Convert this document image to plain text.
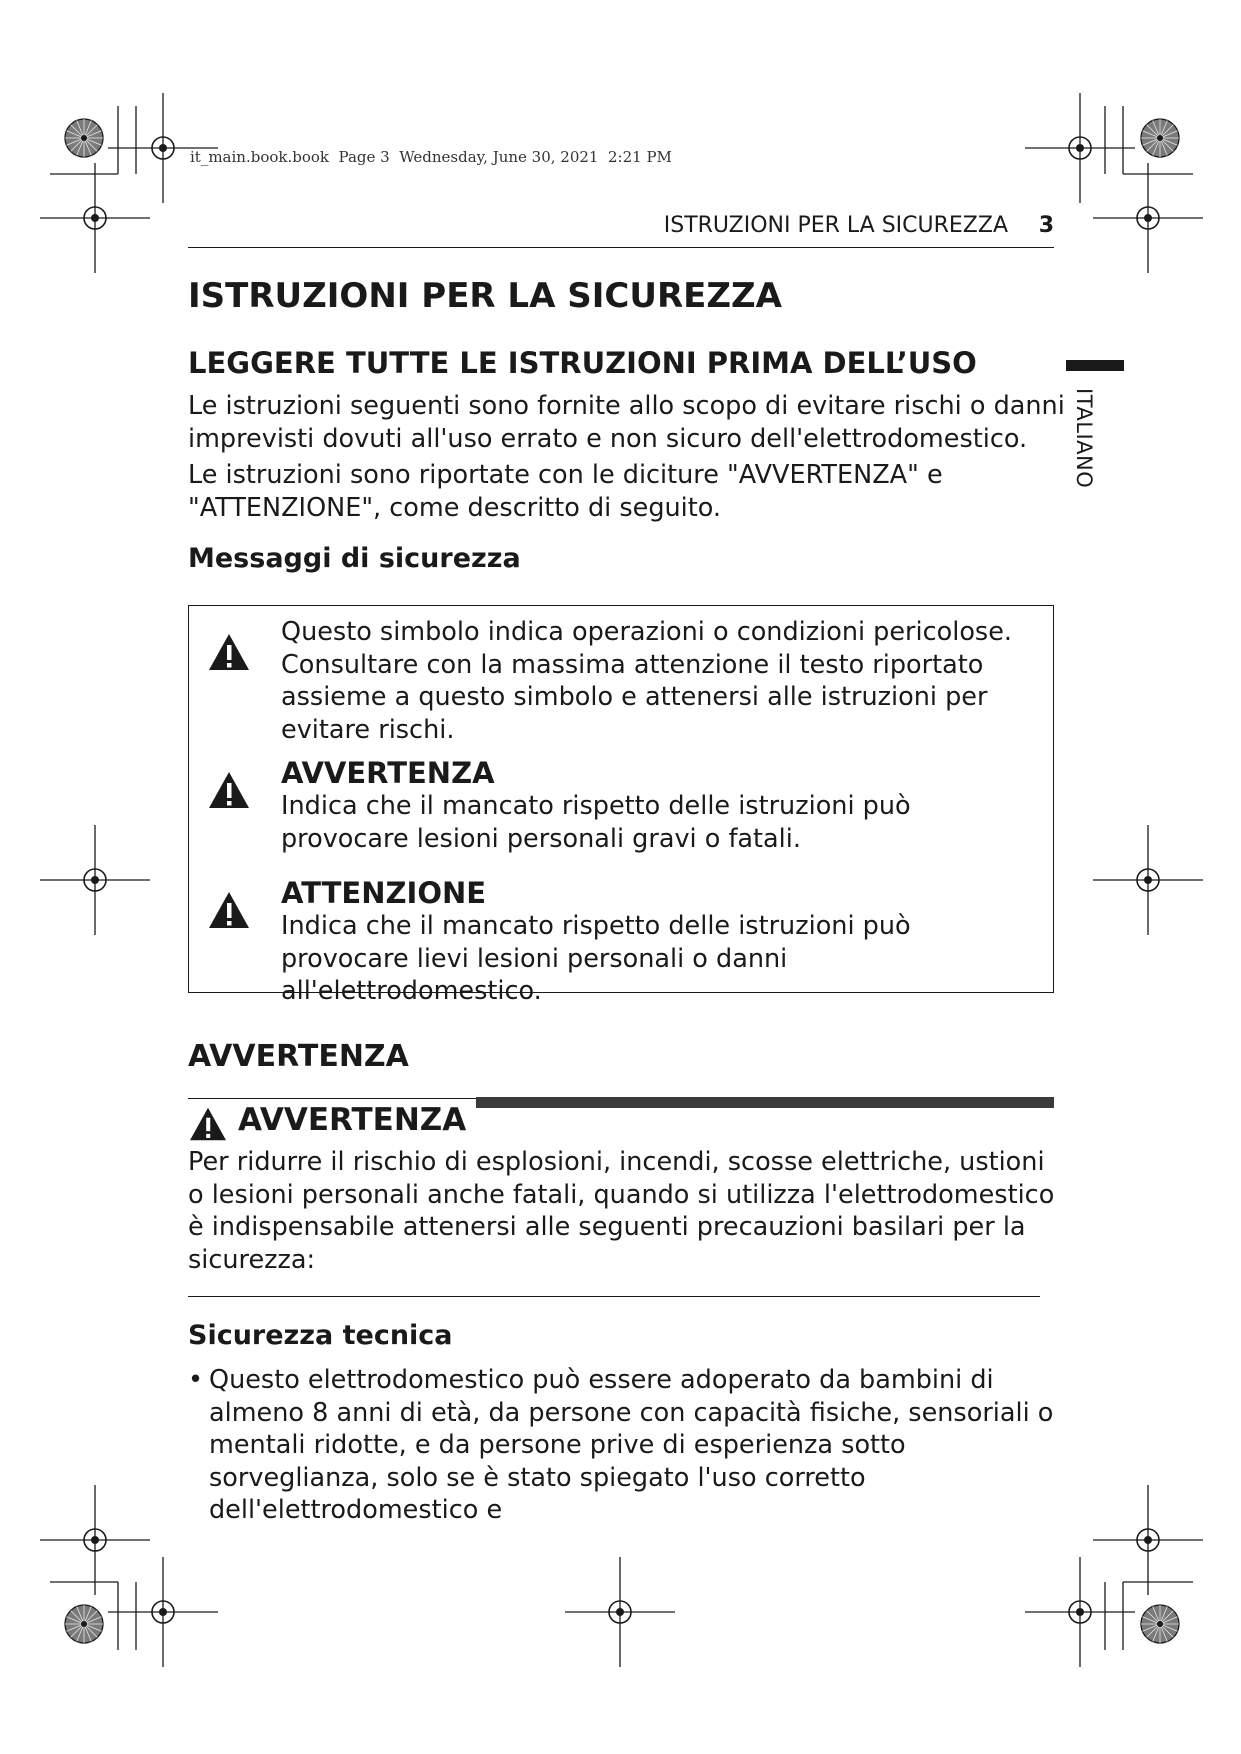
it_main.book.book  Page 3  Wednesday, June 30, 2021  2:21 PM
ISTRUZIONI PER LA SICUREZZA 3
ITALIANO
ISTRUZIONI PER LA SICUREZZA
LEGGERE TUTTE LE ISTRUZIONI PRIMA DELL’USO

Le istruzioni seguenti sono fornite allo scopo di evitare rischi o danni imprevisti dovuti all'uso errato e non sicuro dell'elettrodomestico.

Le istruzioni sono riportate con le diciture "AVVERTENZA" e "ATTENZIONE", come descritto di seguito.

Messaggi di sicurezza

Questo simbolo indica operazioni o condizioni pericolose. Consultare con la massima attenzione il testo riportato assieme a questo simbolo e attenersi alle istruzioni per evitare rischi.

AVVERTENZA

Indica che il mancato rispetto delle istruzioni può provocare lesioni personali gravi o fatali.

ATTENZIONE

Indica che il mancato rispetto delle istruzioni può provocare lievi lesioni personali o danni all'elettrodomestico.

AVVERTENZA
AVVERTENZA

Per ridurre il rischio di esplosioni, incendi, scosse elettriche, ustioni o lesioni personali anche fatali, quando si utilizza l'elettrodomestico è indispensabile attenersi alle seguenti precauzioni basilari per la sicurezza:

Sicurezza tecnica
• Questo elettrodomestico può essere adoperato da bambini di almeno 8 anni di età, da persone con capacità fisiche, sensoriali o mentali ridotte, e da persone prive di esperienza sotto sorveglianza, solo se è stato spiegato l'uso corretto dell'elettrodomestico e
